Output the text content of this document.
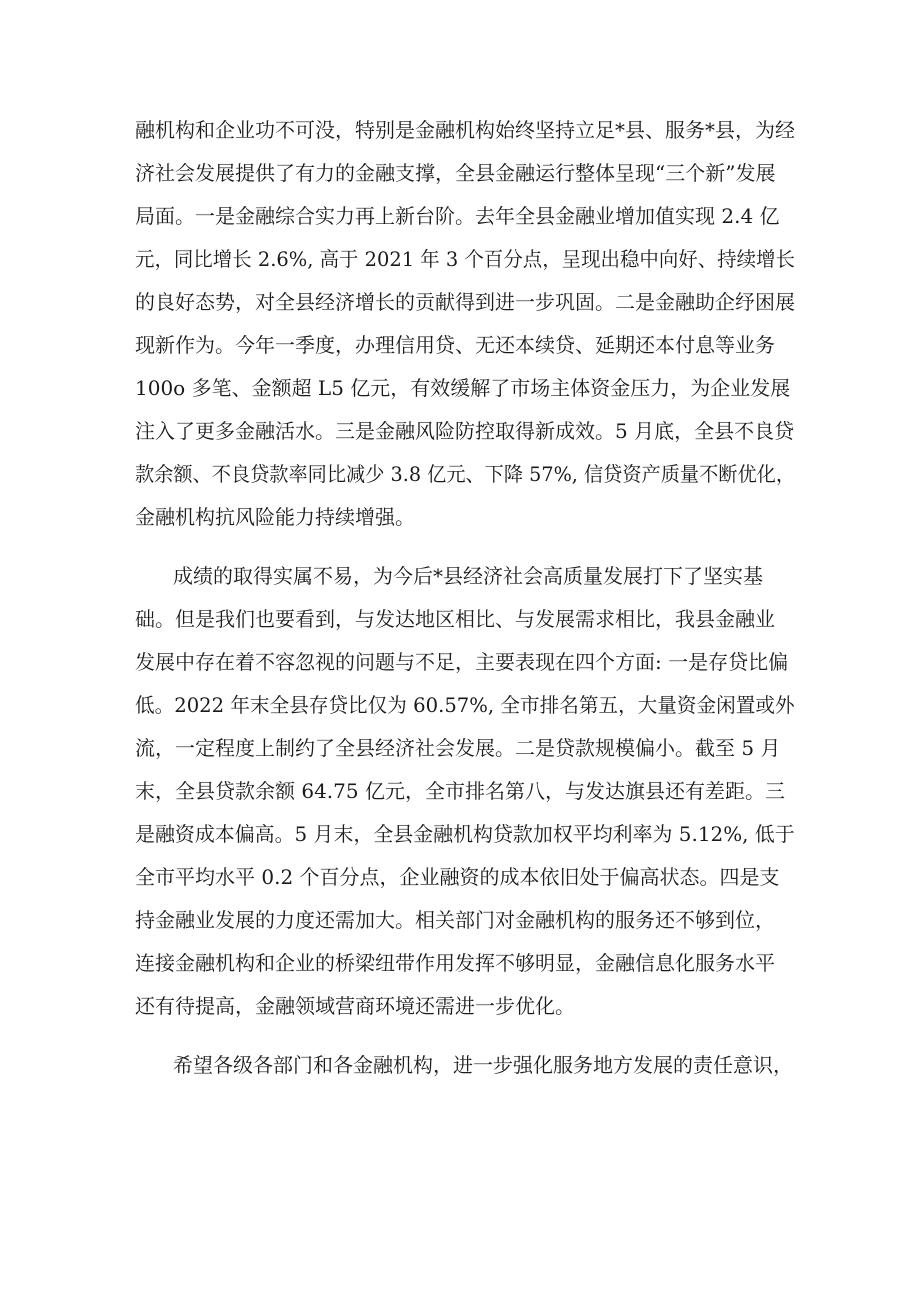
融机构和企业功不可没，特别是金融机构始终坚持立足*县、服务*县，为经
济社会发展提供了有力的金融支撑，全县金融运行整体呈现“三个新”发展
局面。一是金融综合实力再上新台阶。去年全县金融业增加值实现 2.4 亿
元，同比增长 2.6%, 高于 2021 年 3 个百分点，呈现出稳中向好、持续增长
的良好态势，对全县经济增长的贡献得到进一步巩固。二是金融助企纾困展
现新作为。今年一季度，办理信用贷、无还本续贷、延期还本付息等业务
100o 多笔、金额超 L5 亿元，有效缓解了市场主体资金压力，为企业发展
注入了更多金融活水。三是金融风险防控取得新成效。5 月底，全县不良贷
款余额、不良贷款率同比减少 3.8 亿元、下降 57%, 信贷资产质量不断优化，
金融机构抗风险能力持续增强。
成绩的取得实属不易，为今后*县经济社会高质量发展打下了坚实基
础。但是我们也要看到，与发达地区相比、与发展需求相比，我县金融业
发展中存在着不容忽视的问题与不足，主要表现在四个方面: 一是存贷比偏
低。2022 年末全县存贷比仅为 60.57%, 全市排名第五，大量资金闲置或外
流，一定程度上制约了全县经济社会发展。二是贷款规模偏小。截至 5 月
末，全县贷款余额 64.75 亿元，全市排名第八，与发达旗县还有差距。三
是融资成本偏高。5 月末，全县金融机构贷款加权平均利率为 5.12%, 低于
全市平均水平 0.2 个百分点，企业融资的成本依旧处于偏高状态。四是支
持金融业发展的力度还需加大。相关部门对金融机构的服务还不够到位，
连接金融机构和企业的桥梁纽带作用发挥不够明显，金融信息化服务水平
还有待提高，金融领域营商环境还需进一步优化。
希望各级各部门和各金融机构，进一步强化服务地方发展的责任意识，
